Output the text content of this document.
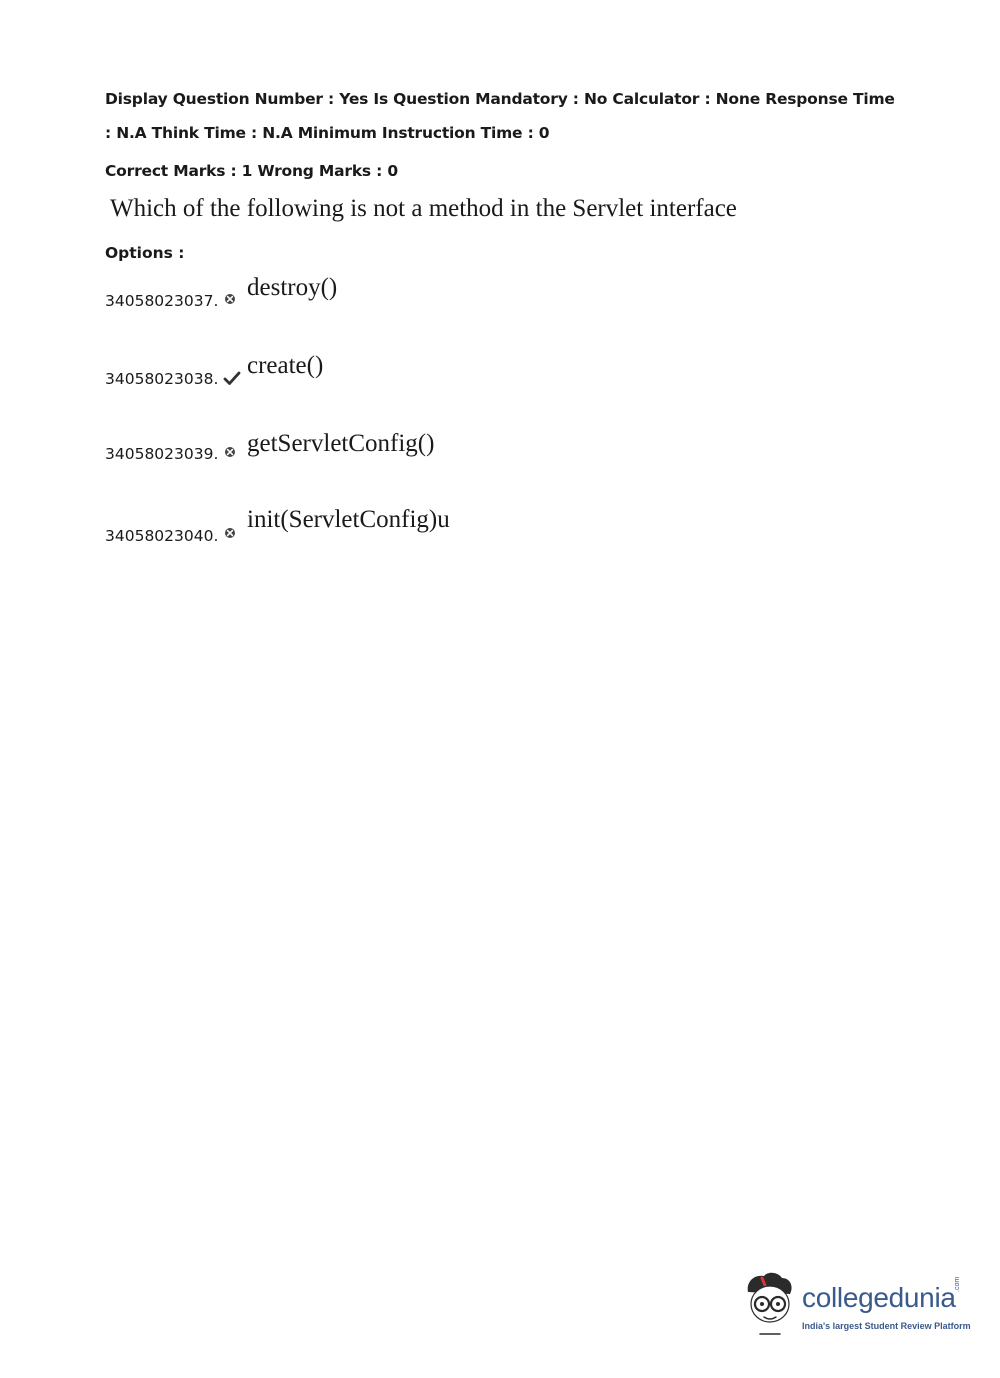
Display Question Number : Yes Is Question Mandatory : No Calculator : None Response Time
: N.A Think Time : N.A Minimum Instruction Time : 0
Correct Marks : 1 Wrong Marks : 0
Which of the following is not a method in the Servlet interface
Options :
34058023037. destroy()
34058023038. create()
34058023039. getServletConfig()
34058023040.
init(ServletConfig)u
collegedunia
.com
India's largest Student Review Platform
